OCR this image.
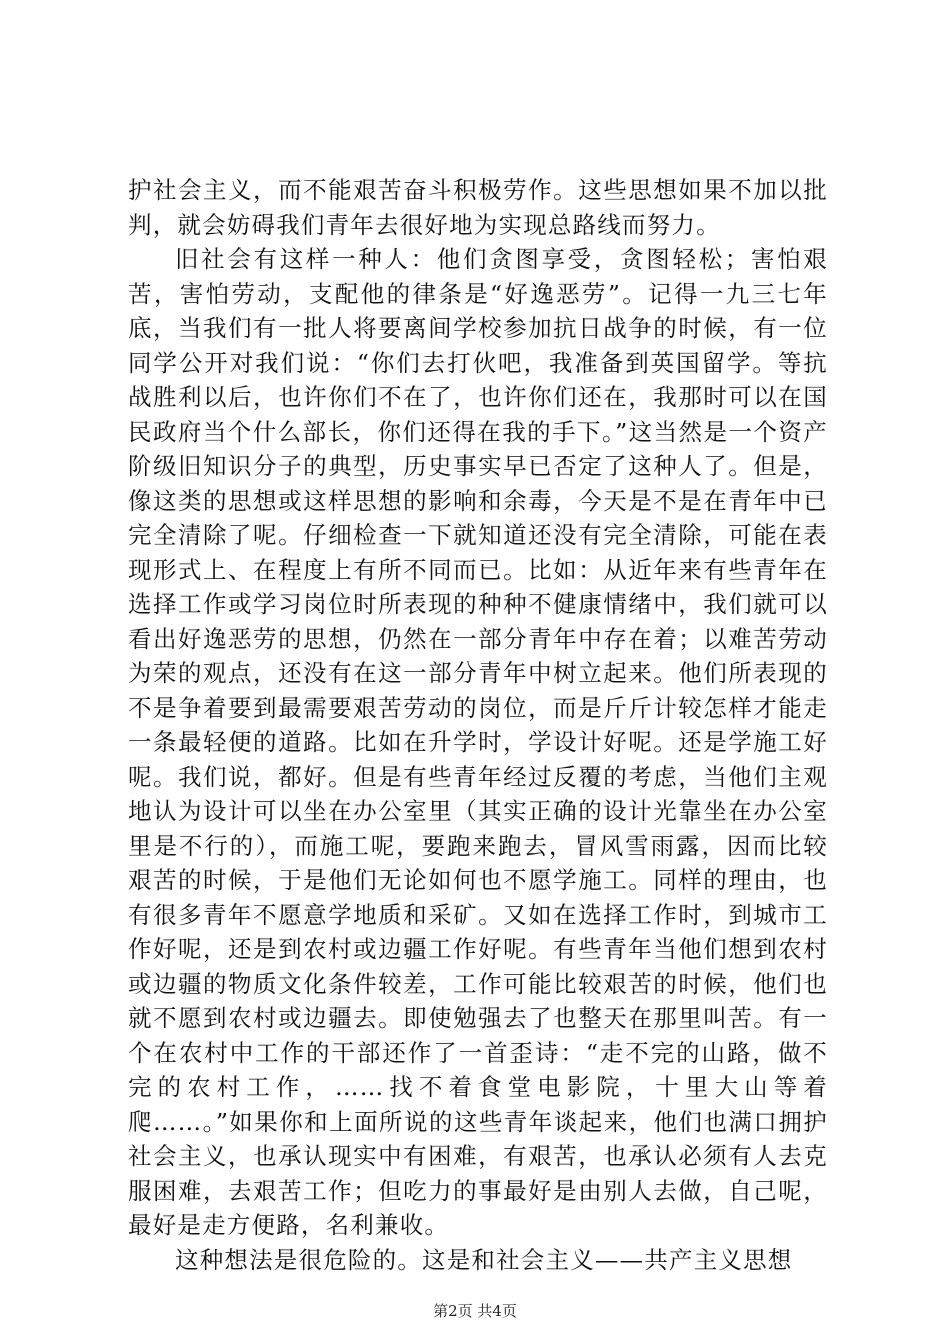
护社会主义，而不能艰苦奋斗积极劳作。这些思想如果不加以批判，就会妨碍我们青年去很好地为实现总路线而努力。

旧社会有这样一种人：他们贪图享受，贪图轻松；害怕艰苦，害怕劳动，支配他的律条是“好逸恶劳”。记得一九三七年底，当我们有一批人将要离间学校参加抗日战争的时候，有一位同学公开对我们说：“你们去打伙吧，我准备到英国留学。等抗战胜利以后，也许你们不在了，也许你们还在，我那时可以在国民政府当个什么部长，你们还得在我的手下。”这当然是一个资产阶级旧知识分子的典型，历史事实早已否定了这种人了。但是，像这类的思想或这样思想的影响和余毒，今天是不是在青年中已完全清除了呢。仔细检查一下就知道还没有完全清除，可能在表现形式上、在程度上有所不同而已。比如：从近年来有些青年在选择工作或学习岗位时所表现的种种不健康情绪中，我们就可以看出好逸恶劳的思想，仍然在一部分青年中存在着；以难苦劳动为荣的观点，还没有在这一部分青年中树立起来。他们所表现的不是争着要到最需要艰苦劳动的岗位，而是斤斤计较怎样才能走一条最轻便的道路。比如在升学时，学设计好呢。还是学施工好呢。我们说，都好。但是有些青年经过反覆的考虑，当他们主观地认为设计可以坐在办公室里（其实正确的设计光靠坐在办公室里是不行的），而施工呢，要跑来跑去，冒风雪雨露，因而比较艰苦的时候，于是他们无论如何也不愿学施工。同样的理由，也有很多青年不愿意学地质和采矿。又如在选择工作时，到城市工作好呢，还是到农村或边疆工作好呢。有些青年当他们想到农村或边疆的物质文化条件较差，工作可能比较艰苦的时候，他们也就不愿到农村或边疆去。即使勉强去了也整天在那里叫苦。有一个在农村中工作的干部还作了一首歪诗：“走不完的山路，做不完的农村工作，……找不着食堂电影院，十里大山等着爬……。”如果你和上面所说的这些青年谈起来，他们也满口拥护社会主义，也承认现实中有困难，有艰苦，也承认必须有人去克服困难，去艰苦工作；但吃力的事最好是由别人去做，自己呢，最好是走方便路，名利兼收。

这种想法是很危险的。这是和社会主义——共产主义思想

第2页 共4页
